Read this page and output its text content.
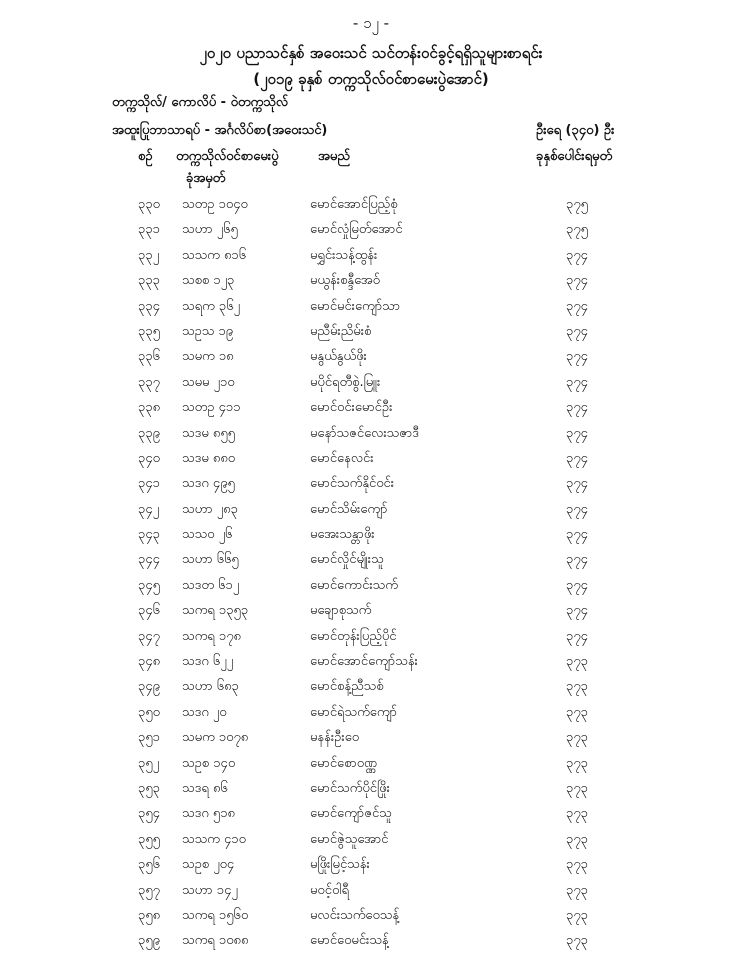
- ၁၂ -
၂၀၂၀ ပညာသင်နှစ် အဝေးသင် သင်တန်းဝင်ခွင့်ရရှိသူများစာရင်း
(၂၀၁၉ ခုနှစ် တက္ကသိုလ်ဝင်စာမေးပွဲအောင်)
တက္ကသိုလ်/ ကောလိပ် - ဝဲတက္ကသိုလ်
အထူးပြုဘာသာရပ် - အင်္ဂလိပ်စာ(အဝေးသင်)	ဦးရေ (၃၄၀) ဦး
စဉ် တက္ကသိုလ်ဝင်စာမေးပွဲ
ခုံအမှတ်
အမည်	ခုနှစ်ပေါင်းရမှတ်
၃၃၀ သတဥ ၁၀၄၀	မောင်အောင်ပြည့်စုံ	၃၇၅
၃၃၁ သဟာ ၂၆၅	မောင်လှုံမြတ်အောင်	၃၇၅
၃၃၂ သသက ၈၁၆	မရွှင်းသန့်ထွန်း	၃၇၄
၃၃၃ သစစ ၁၂၃	မယွန်းစန္ဒီအေဝ်	၃၇၄
၃၃၄ သရက ၃၆၂	မောင်မင်းကျော်သာ	၃၇၄
၃၃၅ သဥသ ၁၉	မညီမ်းညိမ်းစံ	၃၇၄
၃၃၆ သမက ၁၈	မနွယ်နွယ်ဖိုး	၃၇၄
၃၃၇ သမမ ၂၁၀	မပိုင်ရတီစွဲ.မြူး	၃၇၄
၃၃၈ သတဥ ၄၁၁	မောင်ဝင်းမောင်ဦး	၃၇၄
၃၃၉ သဒမ ၈၅၅	မနော်သဇင်လေးသဇာဒီ	၃၇၄
၃၄၀ သဒမ ၈၈၀	မောင်နေလင်း	၃၇၄
၃၄၁ သဒဂ ၄၉၅	မောင်သက်နိုင်ဝင်း	၃၇၄
၃၄၂ သဟာ ၂၈၃	မောင်သိမ်းကျော်	၃၇၄
၃၄၃ သသဝ ၂၆	မအေးသန္တာဖိုး	၃၇၄
၃၄၄ သဟာ ၆၆၅	မောင်လှိုင်မျိုးသူ	၃၇၄
၃၄၅ သဒတ ၆၁၂	မောင်ကောင်းသက်	၃၇၄
၃၄၆ သကရ ၁၃၅၃	မချောစုသက်	၃၇၄
၃၄၇ သကရ ၁၇၈	မောင်တုန်းပြည့်ပိုင်	၃၇၄
၃၄၈ သဒဂ ၆၂၂	မောင်အောင်ကျော်သန်း	၃၇၃
၃၄၉ သဟာ ၆၈၃	မောင်စန့်ညီသစ်	၃၇၃
၃၅၀ သဒဂ ၂၀	မောင်ရဲသက်ကျော်	၃၇၃
၃၅၁ သမက ၁၀၇၈	မနန်းဦးဝေ	၃၇၃
၃၅၂ သဥစ ၁၄၀	မောင်စောဝဏ္ဏ	၃၇၃
၃၅၃ သဒရ ၈၆	မောင်သက်ပိုင်ဖြိုး	၃၇၃
၃၅၄ သဒဂ ၅၁၈	မောင်ကျော်ဇင်သူ	၃၇၃
၃၅၅ သသက ၄၁၀	မောင်ဇွဲသူအောင်	၃၇၃
၃၅၆ သဥစ ၂၀၄	မဖြိုးမြင့်သန်း	၃၇၃
၃၅၇ သဟာ ၁၄၂	မဝင့်ဝါရီ	၃၇၃
၃၅၈ သကရ ၁၅၆၀	မလင်းသက်ဝေသန့်	၃၇၃
၃၅၉ သကရ ၁၀၈၈	မောင်ဝေမင်းသန့်	၃၇၃
